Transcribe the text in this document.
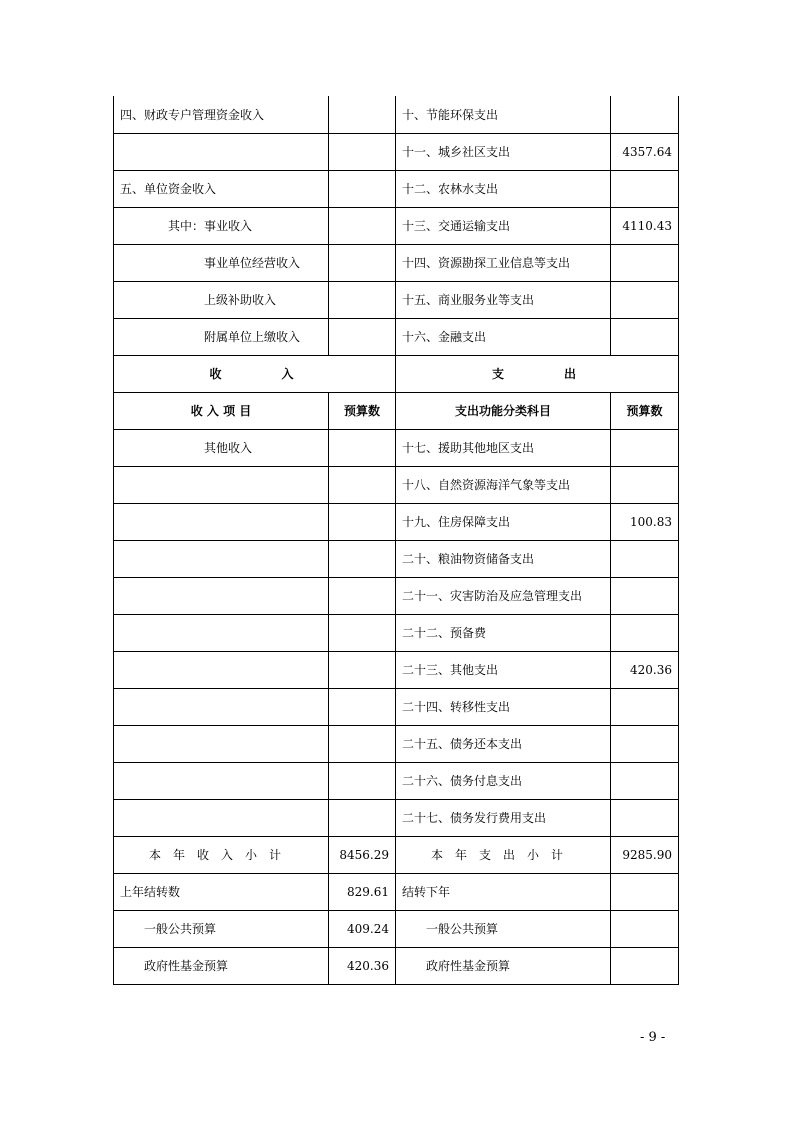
四、财政专户管理资金收入		十、节能环保支出	
		十一、城乡社区支出	4357.64
五、单位资金收入		十二、农林水支出	
其中：事业收入		十三、交通运输支出	4110.43
事业单位经营收入		十四、资源勘探工业信息等支出	
上级补助收入		十五、商业服务业等支出	
附属单位上缴收入		十六、金融支出	
收　　　入		支　　　出	
收 入 项 目	预算数	支出功能分类科目	预算数
其他收入		十七、援助其他地区支出	
		十八、自然资源海洋气象等支出	
		十九、住房保障支出	100.83
		二十、粮油物资储备支出	
		二十一、灾害防治及应急管理支出	
		二十二、预备费	
		二十三、其他支出	420.36
		二十四、转移性支出	
		二十五、债务还本支出	
		二十六、债务付息支出	
		二十七、债务发行费用支出	
本年收入小计	8456.29	本年支出小计	9285.90
上年结转数	829.61	结转下年	
一般公共预算	409.24	一般公共预算	
政府性基金预算	420.36	政府性基金预算	
- 9 -
